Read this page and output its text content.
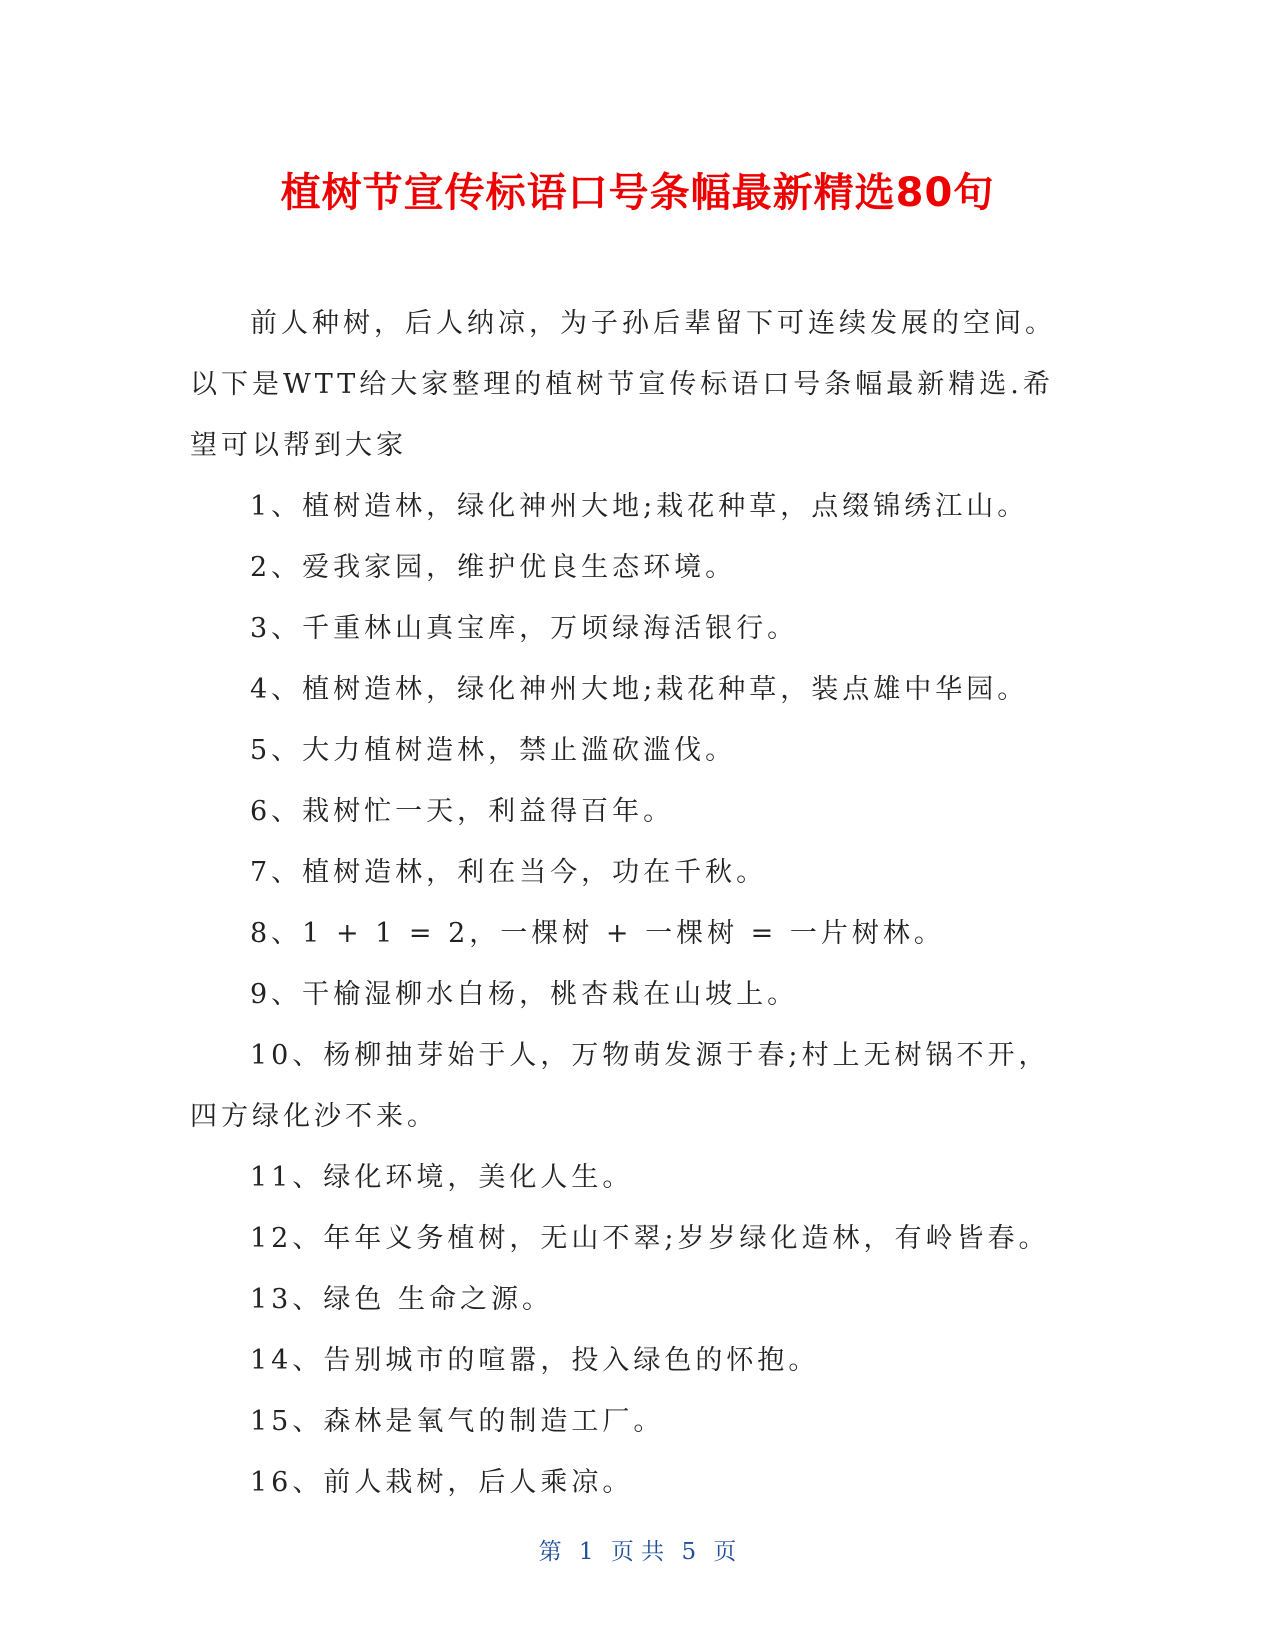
植树节宣传标语口号条幅最新精选80句

前人种树，后人纳凉，为子孙后辈留下可连续发展的空间。以下是WTT给大家整理的植树节宣传标语口号条幅最新精选.希望可以帮到大家

1、植树造林，绿化神州大地;栽花种草，点缀锦绣江山。

2、爱我家园，维护优良生态环境。

3、千重林山真宝库，万顷绿海活银行。

4、植树造林，绿化神州大地;栽花种草，装点雄中华园。

5、大力植树造林，禁止滥砍滥伐。

6、栽树忙一天，利益得百年。

7、植树造林，利在当今，功在千秋。

8、1 + 1 = 2，一棵树 + 一棵树 = 一片树林。

9、干榆湿柳水白杨，桃杏栽在山坡上。

10、杨柳抽芽始于人，万物萌发源于春;村上无树锅不开，四方绿化沙不来。

11、绿化环境，美化人生。

12、年年义务植树，无山不翠;岁岁绿化造林，有岭皆春。

13、绿色 生命之源。

14、告别城市的喧嚣，投入绿色的怀抱。

15、森林是氧气的制造工厂。

16、前人栽树，后人乘凉。

第 1 页 共 5 页
